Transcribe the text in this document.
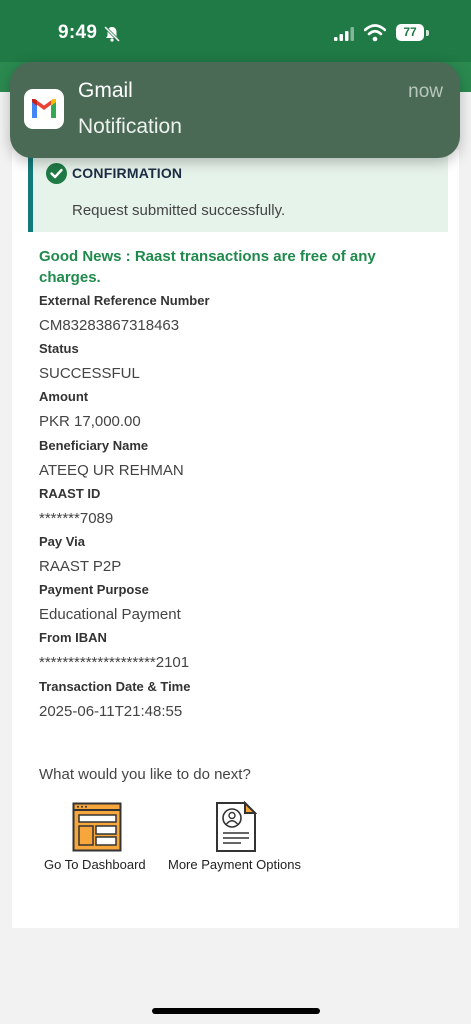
9:49	77
Gmail
Notification
now
CONFIRMATION
Request submitted successfully.
Good News : Raast transactions are free of any charges.
External Reference Number
CM83283867318463
Status
SUCCESSFUL
Amount
PKR 17,000.00
Beneficiary Name
ATEEQ UR REHMAN
RAAST ID
*******7089
Pay Via
RAAST P2P
Payment Purpose
Educational Payment
From IBAN
********************2101
Transaction Date & Time
2025-06-11T21:48:55
What would you like to do next?
Go To Dashboard More Payment Options
